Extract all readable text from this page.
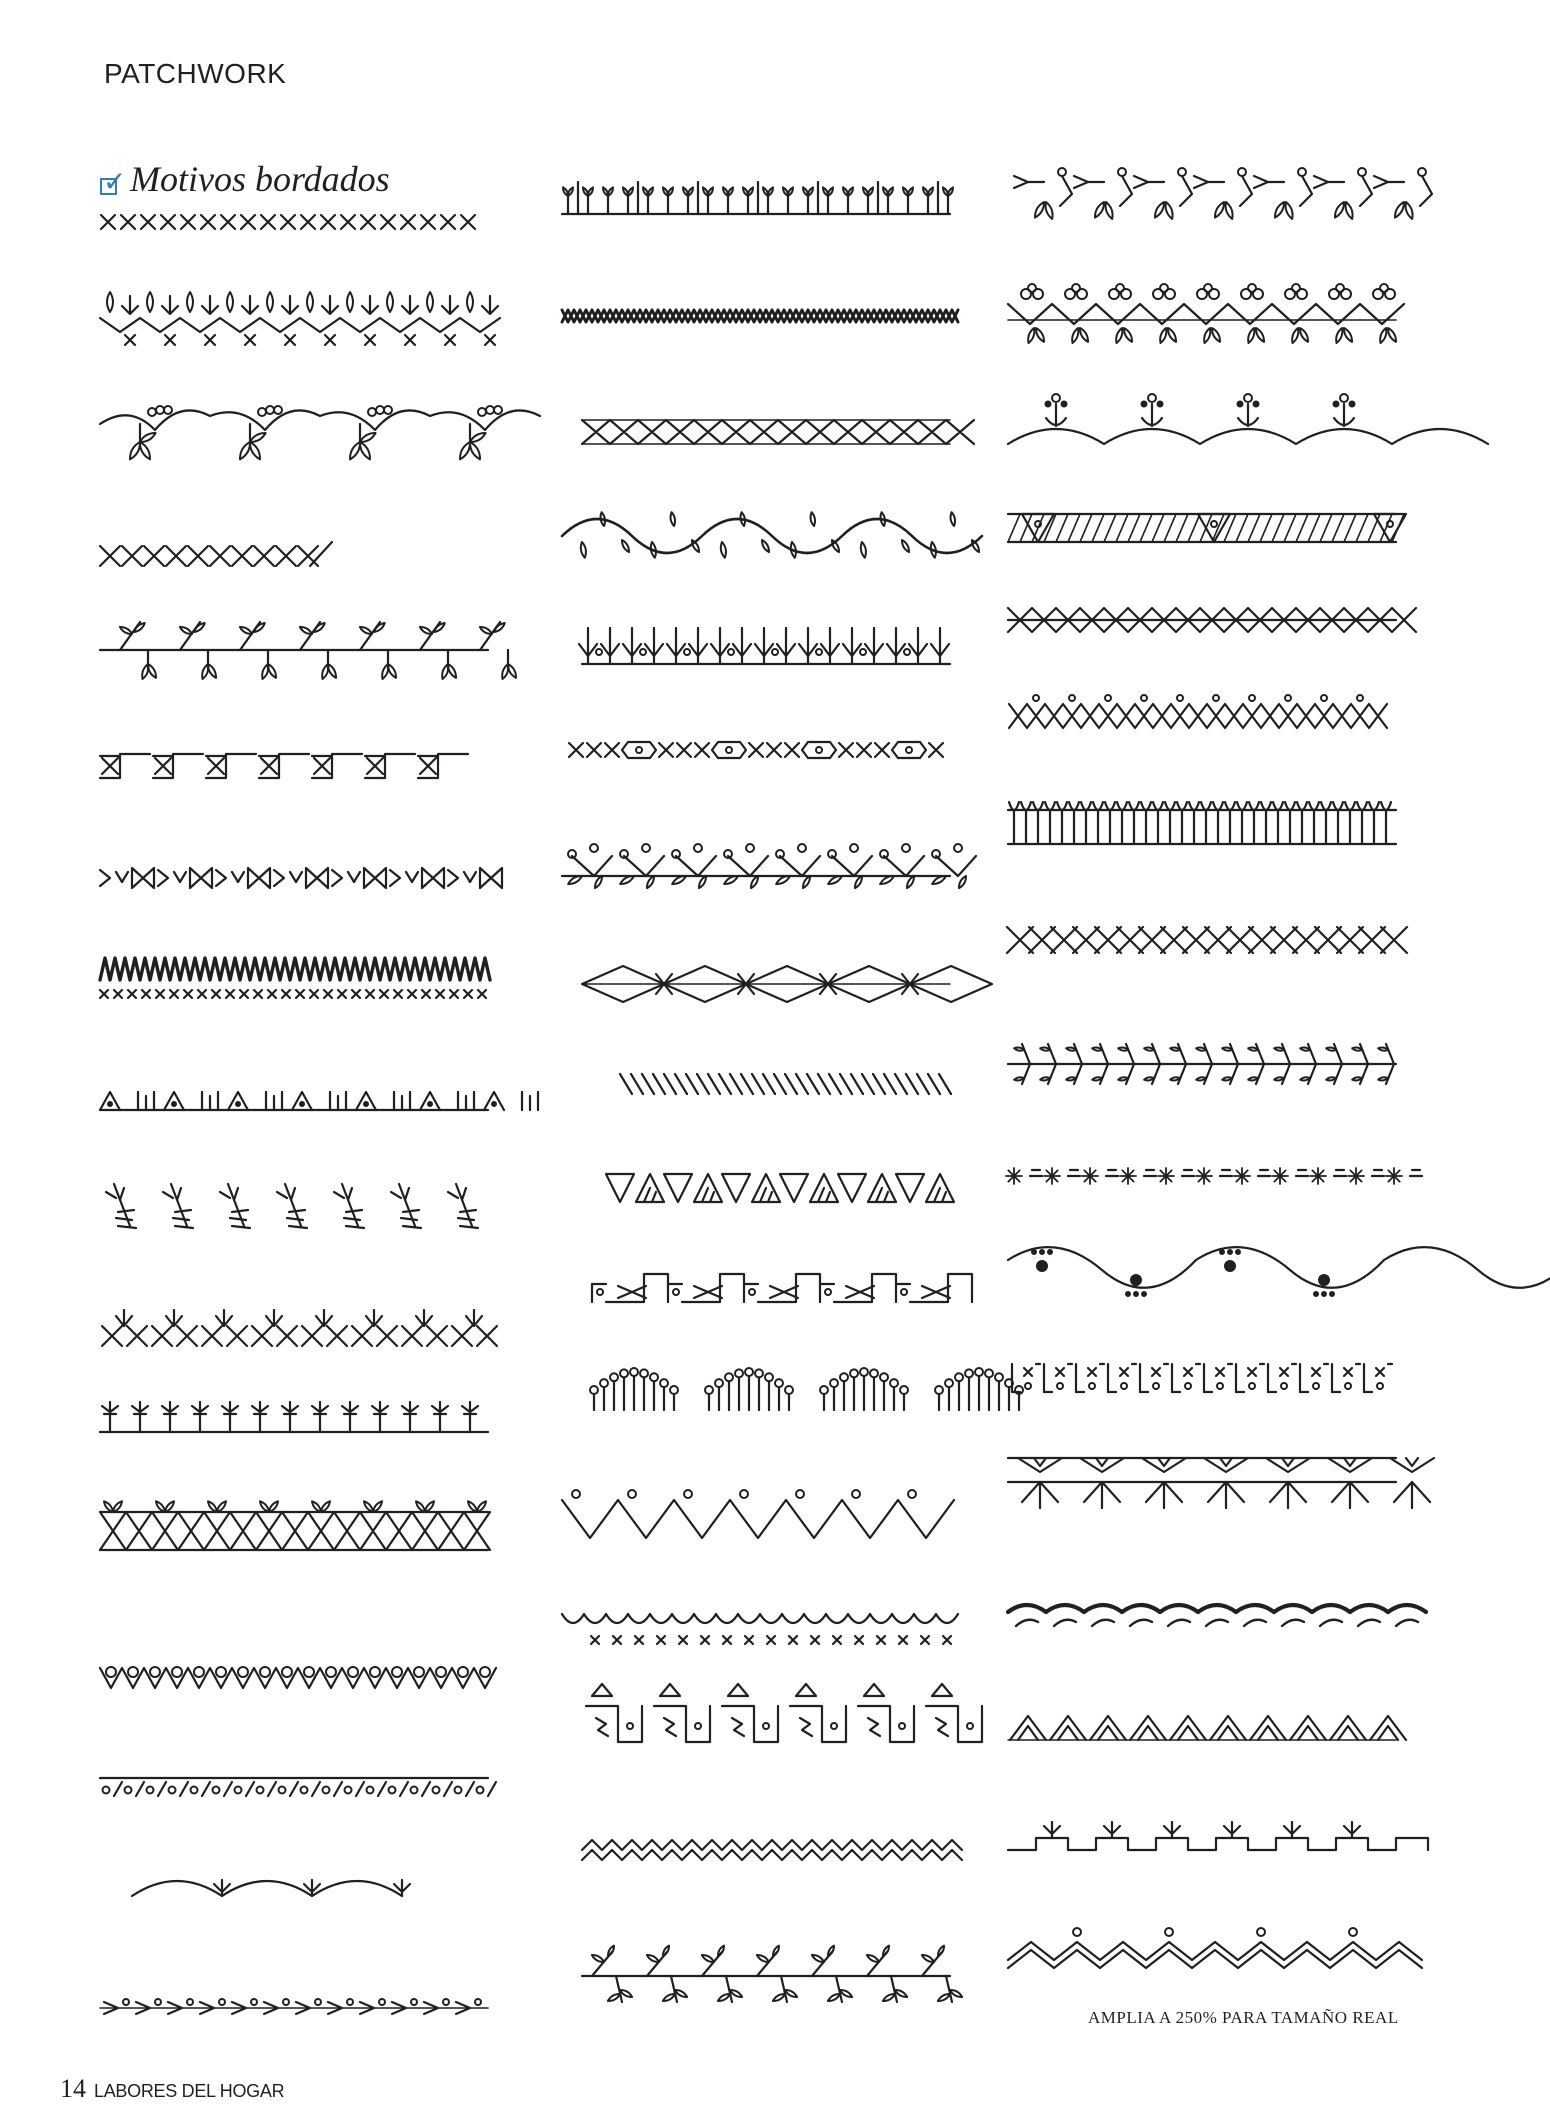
PATCHWORK
✓ Motivos bordados
AMPLIA A 250% PARA TAMAÑO REAL
14 LABORES DEL HOGAR
